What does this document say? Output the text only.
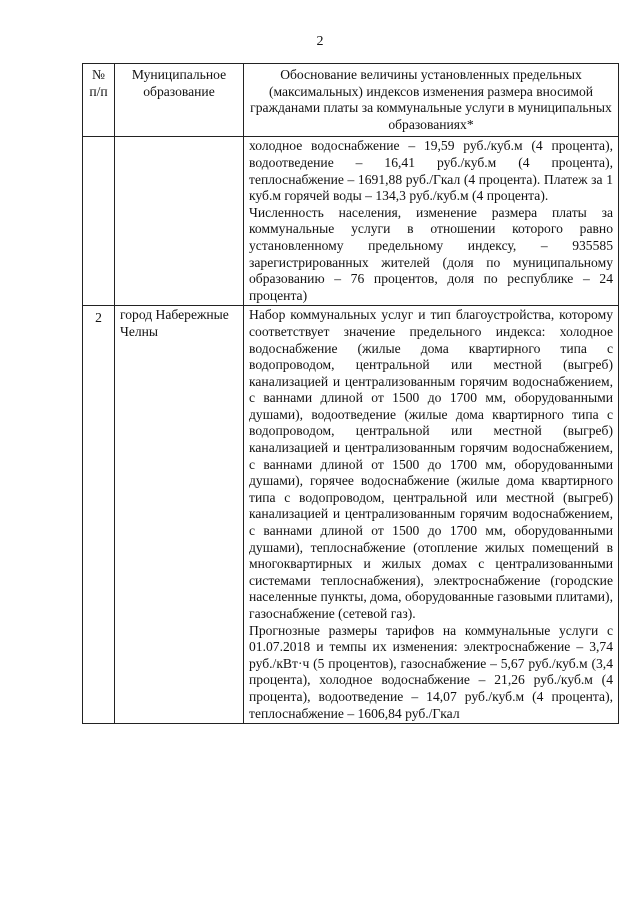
2
№ п/п	Муниципальное образование	Обоснование величины установленных предельных (максимальных) индексов изменения размера вносимой гражданами платы за коммунальные услуги в муниципальных образованиях*

		холодное водоснабжение – 19,59 руб./куб.м (4 процента), водоотведение – 16,41 руб./куб.м (4 процента), теплоснабжение – 1691,88 руб./Гкал (4 процента). Платеж за 1 куб.м горячей воды – 134,3 руб./куб.м (4 процента).

Численность населения, изменение размера платы за коммунальные услуги в отношении которого равно установленному предельному индексу, – 935585 зарегистрированных жителей (доля по муниципальному образованию – 76 процентов, доля по республике – 24 процента)

2	город Набережные Челны	Набор коммунальных услуг и тип благоустройства, которому соответствует значение предельного индекса: холодное водоснабжение (жилые дома квартирного типа с водопроводом, центральной или местной (выгреб) канализацией и централизованным горячим водоснабжением, с ваннами длиной от 1500 до 1700 мм, оборудованными душами), водоотведение (жилые дома квартирного типа с водопроводом, центральной или местной (выгреб) канализацией и централизованным горячим водоснабжением, с ваннами длиной от 1500 до 1700 мм, оборудованными душами), горячее водоснабжение (жилые дома квартирного типа с водопроводом, центральной или местной (выгреб) канализацией и централизованным горячим водоснабжением, с ваннами длиной от 1500 до 1700 мм, оборудованными душами), теплоснабжение (отопление жилых помещений в многоквартирных и жилых домах с централизованными системами теплоснабжения), электроснабжение (городские населенные пункты, дома, оборудованные газовыми плитами), газоснабжение (сетевой газ).

Прогнозные размеры тарифов на коммунальные услуги с 01.07.2018 и темпы их изменения: электроснабжение – 3,74 руб./кВт·ч (5 процентов), газоснабжение – 5,67 руб./куб.м (3,4 процента), холодное водоснабжение – 21,26 руб./куб.м (4 процента), водоотведение – 14,07 руб./куб.м (4 процента), теплоснабжение – 1606,84 руб./Гкал
